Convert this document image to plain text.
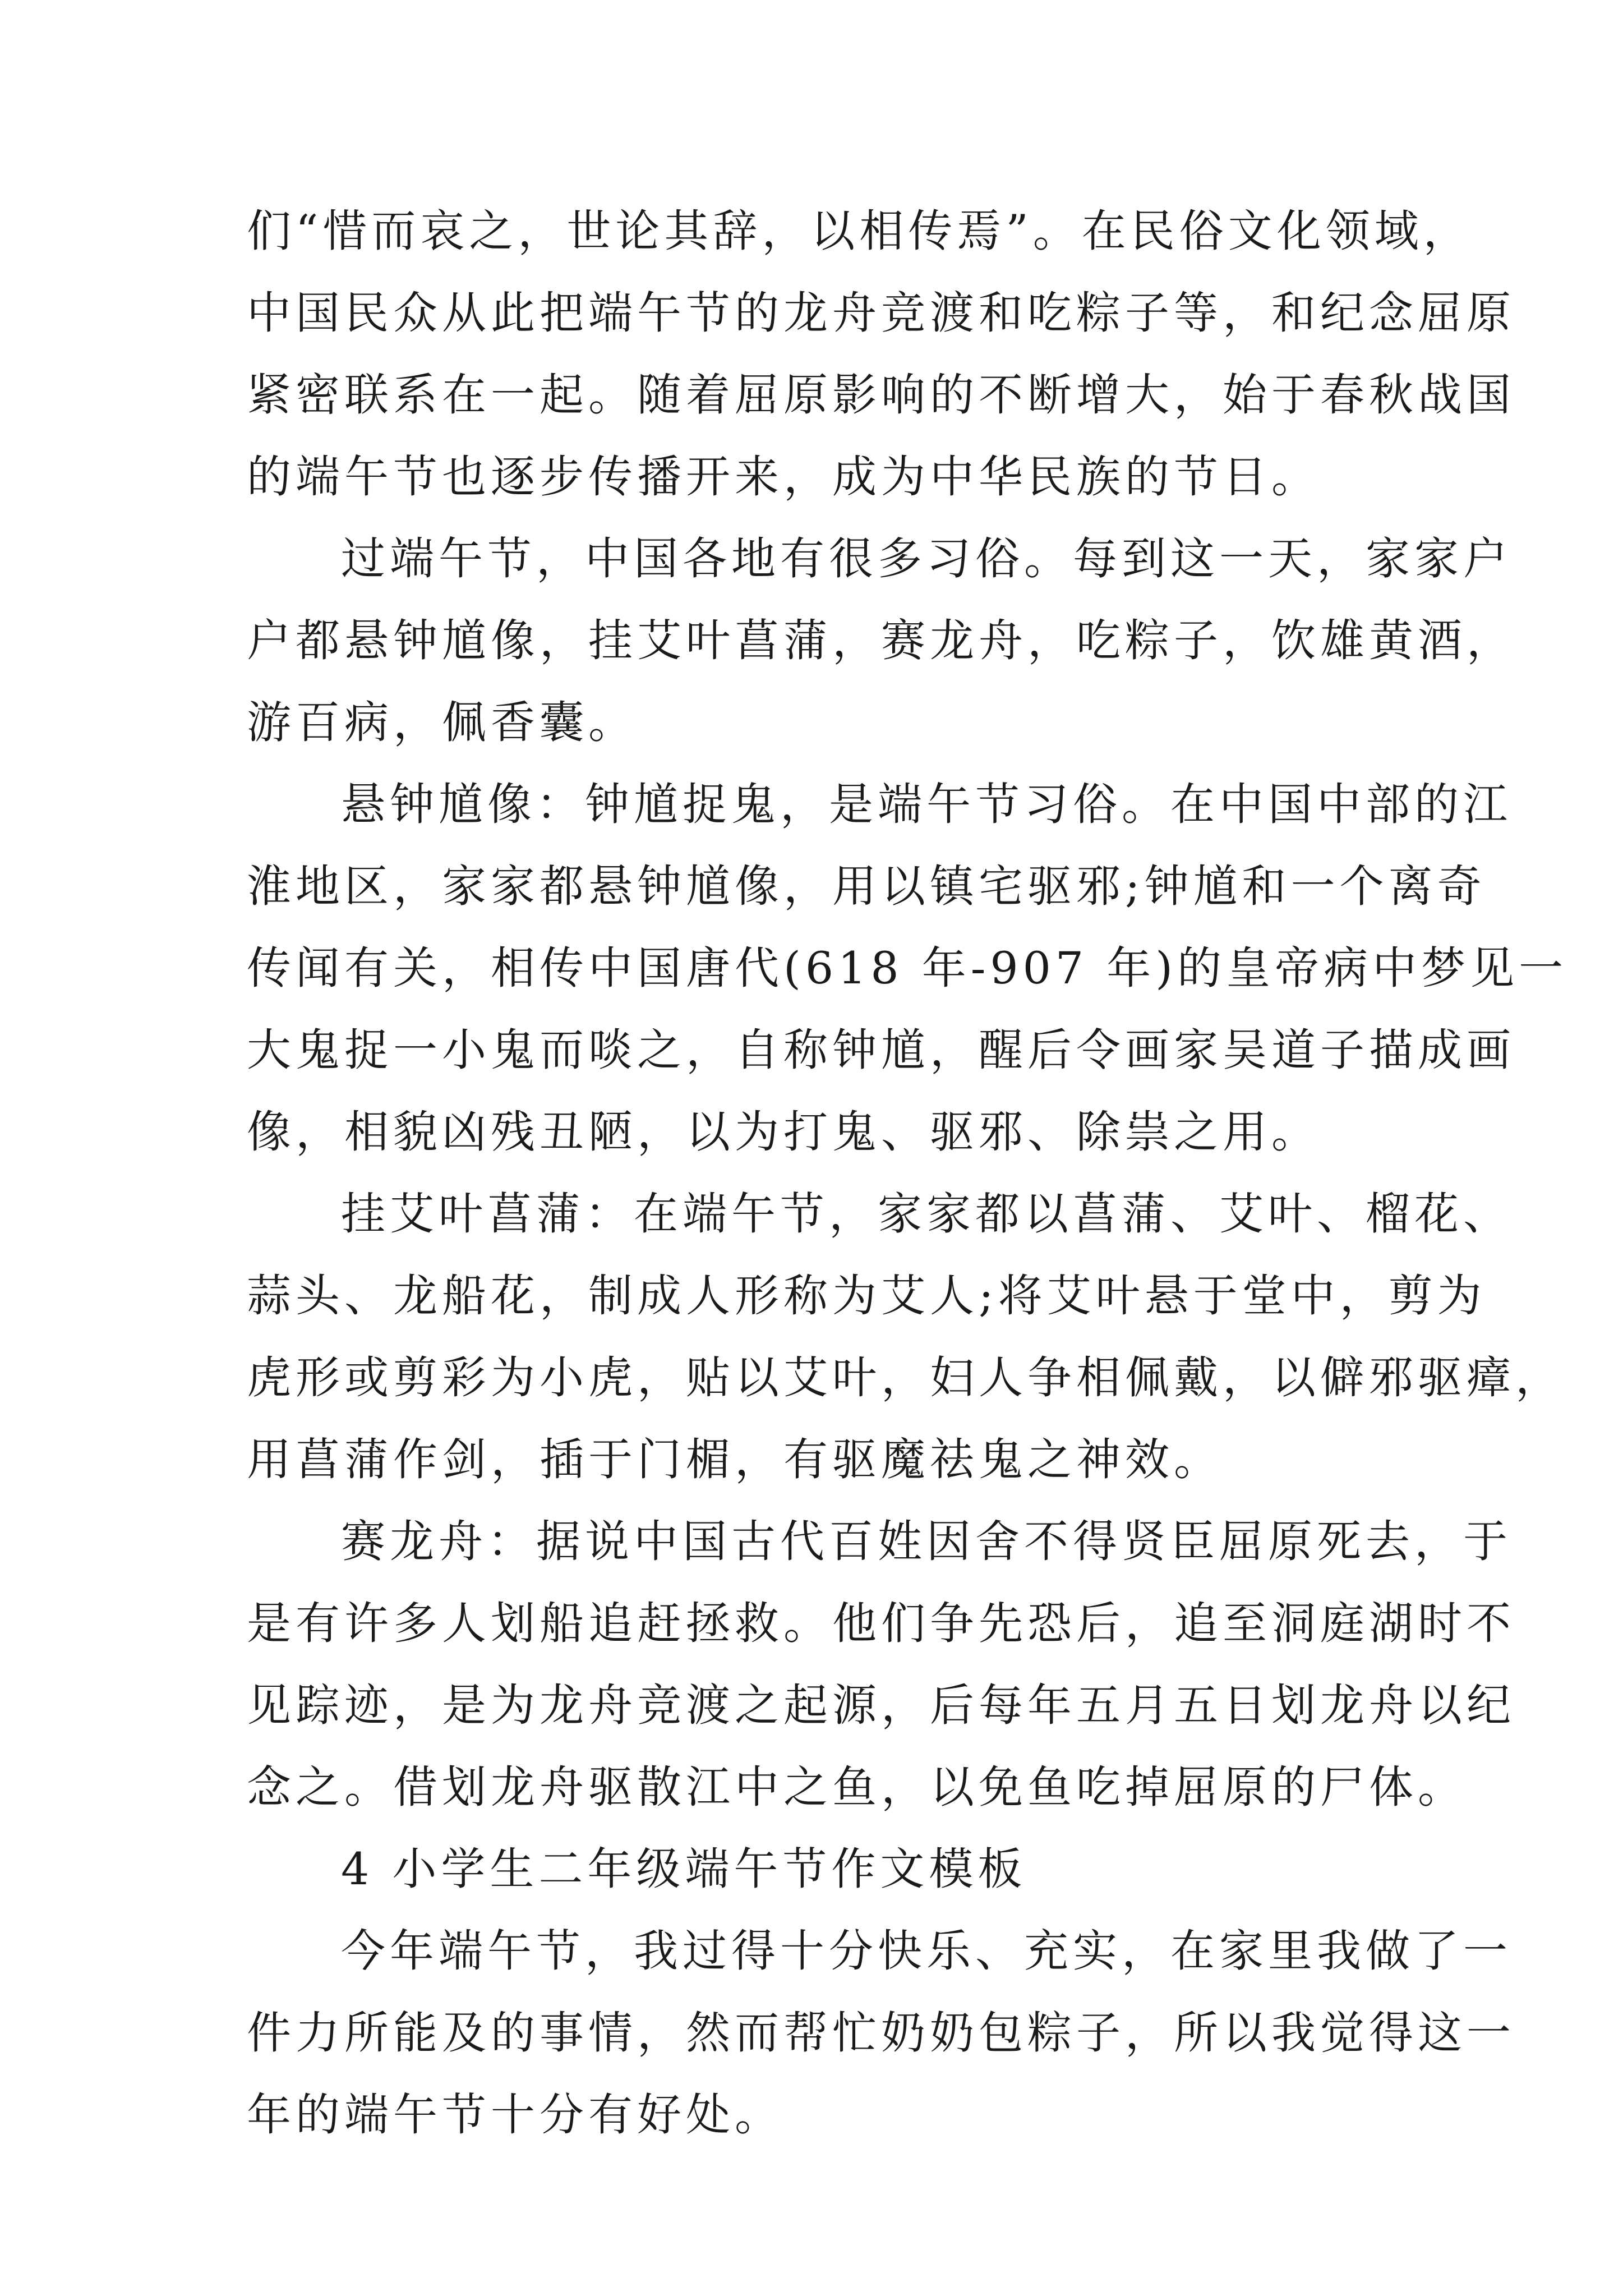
们“惜而哀之，世论其辞，以相传焉”。在民俗文化领域，
中国民众从此把端午节的龙舟竞渡和吃粽子等，和纪念屈原
紧密联系在一起。随着屈原影响的不断增大，始于春秋战国
的端午节也逐步传播开来，成为中华民族的节日。
过端午节，中国各地有很多习俗。每到这一天，家家户
户都悬钟馗像，挂艾叶菖蒲，赛龙舟，吃粽子，饮雄黄酒，
游百病，佩香囊。
悬钟馗像：钟馗捉鬼，是端午节习俗。在中国中部的江
淮地区，家家都悬钟馗像，用以镇宅驱邪;钟馗和一个离奇
传闻有关，相传中国唐代(618 年-907 年)的皇帝病中梦见一
大鬼捉一小鬼而啖之，自称钟馗，醒后令画家吴道子描成画
像，相貌凶残丑陋，以为打鬼、驱邪、除祟之用。
挂艾叶菖蒲：在端午节，家家都以菖蒲、艾叶、榴花、
蒜头、龙船花，制成人形称为艾人;将艾叶悬于堂中，剪为
虎形或剪彩为小虎，贴以艾叶，妇人争相佩戴，以僻邪驱瘴，
用菖蒲作剑，插于门楣，有驱魔祛鬼之神效。
赛龙舟：据说中国古代百姓因舍不得贤臣屈原死去，于
是有许多人划船追赶拯救。他们争先恐后，追至洞庭湖时不
见踪迹，是为龙舟竞渡之起源，后每年五月五日划龙舟以纪
念之。借划龙舟驱散江中之鱼，以免鱼吃掉屈原的尸体。
4 小学生二年级端午节作文模板
今年端午节，我过得十分快乐、充实，在家里我做了一
件力所能及的事情，然而帮忙奶奶包粽子，所以我觉得这一
年的端午节十分有好处。
